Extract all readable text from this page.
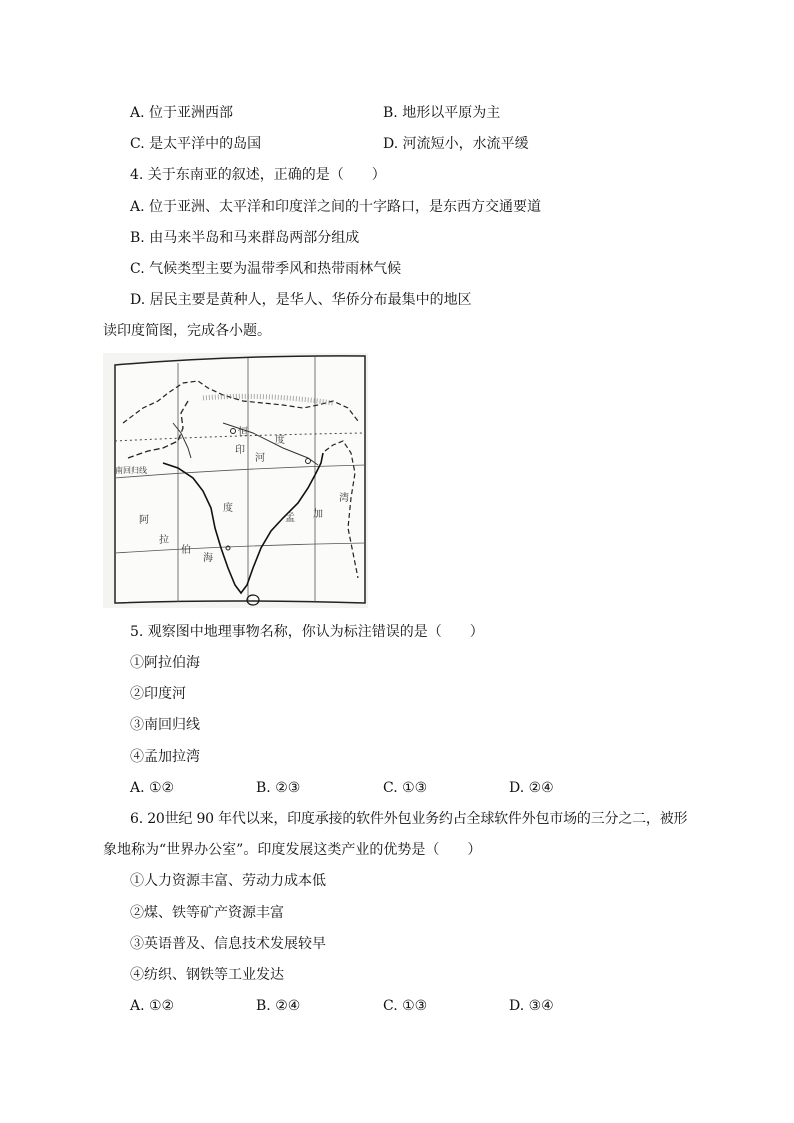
A. 位于亚洲西部	B. 地形以平原为主
C. 是太平洋中的岛国	D. 河流短小，水流平缓
4. 关于东南亚的叙述，正确的是（　　）
A. 位于亚洲、太平洋和印度洋之间的十字路口，是东西方交通要道
B. 由马来半岛和马来群岛两部分组成
C. 气候类型主要为温带季风和热带雨林气候
D. 居民主要是黄种人，是华人、华侨分布最集中的地区
读印度简图，完成各小题。
恒
河
度
印
南回归线
度
阿
拉
伯
海
孟 加
湾
5. 观察图中地理事物名称，你认为标注错误的是（　　）
①阿拉伯海
②印度河
③南回归线
④孟加拉湾
A. ①②	B. ②③	C. ①③	D. ②④
6. 20世纪 90 年代以来，印度承接的软件外包业务约占全球软件外包市场的三分之二，被形
象地称为“世界办公室”。印度发展这类产业的优势是（　　）
①人力资源丰富、劳动力成本低
②煤、铁等矿产资源丰富
③英语普及、信息技术发展较早
④纺织、钢铁等工业发达
A. ①②	B. ②④	C. ①③	D. ③④
